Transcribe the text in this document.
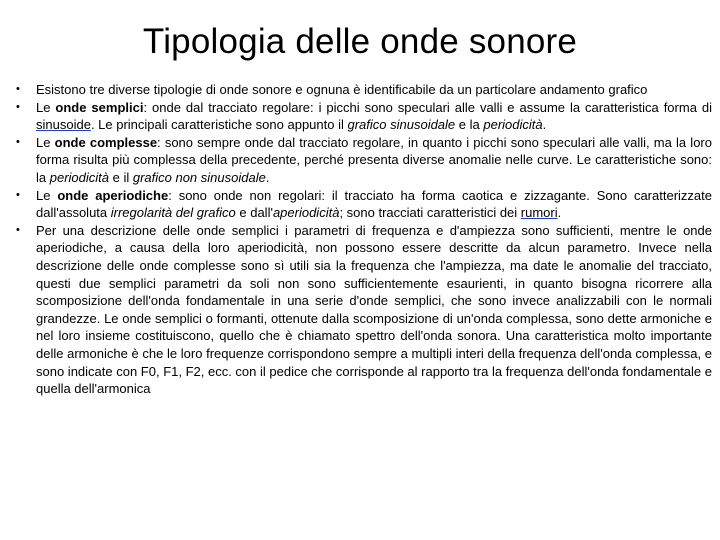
Tipologia delle onde sonore
• Esistono tre diverse tipologie di onde sonore e ognuna è identificabile da un particolare andamento grafico
• Le onde semplici: onde dal tracciato regolare: i picchi sono speculari alle valli e assume la caratteristica forma di sinusoide. Le principali caratteristiche sono appunto il grafico sinusoidale e la periodicità.
• Le onde complesse: sono sempre onde dal tracciato regolare, in quanto i picchi sono speculari alle valli, ma la loro forma risulta più complessa della precedente, perché presenta diverse anomalie nelle curve. Le caratteristiche sono: la periodicità e il grafico non sinusoidale.
• Le onde aperiodiche: sono onde non regolari: il tracciato ha forma caotica e zizzagante. Sono caratterizzate dall'assoluta irregolarità del grafico e dall'aperiodicità; sono tracciati caratteristici dei rumori.
• Per una descrizione delle onde semplici i parametri di frequenza e d'ampiezza sono sufficienti, mentre le onde aperiodiche, a causa della loro aperiodicità, non possono essere descritte da alcun parametro. Invece nella descrizione delle onde complesse sono sì utili sia la frequenza che l'ampiezza, ma date le anomalie del tracciato, questi due semplici parametri da soli non sono sufficientemente esaurienti, in quanto bisogna ricorrere alla scomposizione dell'onda fondamentale in una serie d'onde semplici, che sono invece analizzabili con le normali grandezze. Le onde semplici o formanti, ottenute dalla scomposizione di un'onda complessa, sono dette armoniche e nel loro insieme costituiscono, quello che è chiamato spettro dell'onda sonora. Una caratteristica molto importante delle armoniche è che le loro frequenze corrispondono sempre a multipli interi della frequenza dell'onda complessa, e sono indicate con F0, F1, F2, ecc. con il pedice che corrisponde al rapporto tra la frequenza dell'onda fondamentale e quella dell'armonica
